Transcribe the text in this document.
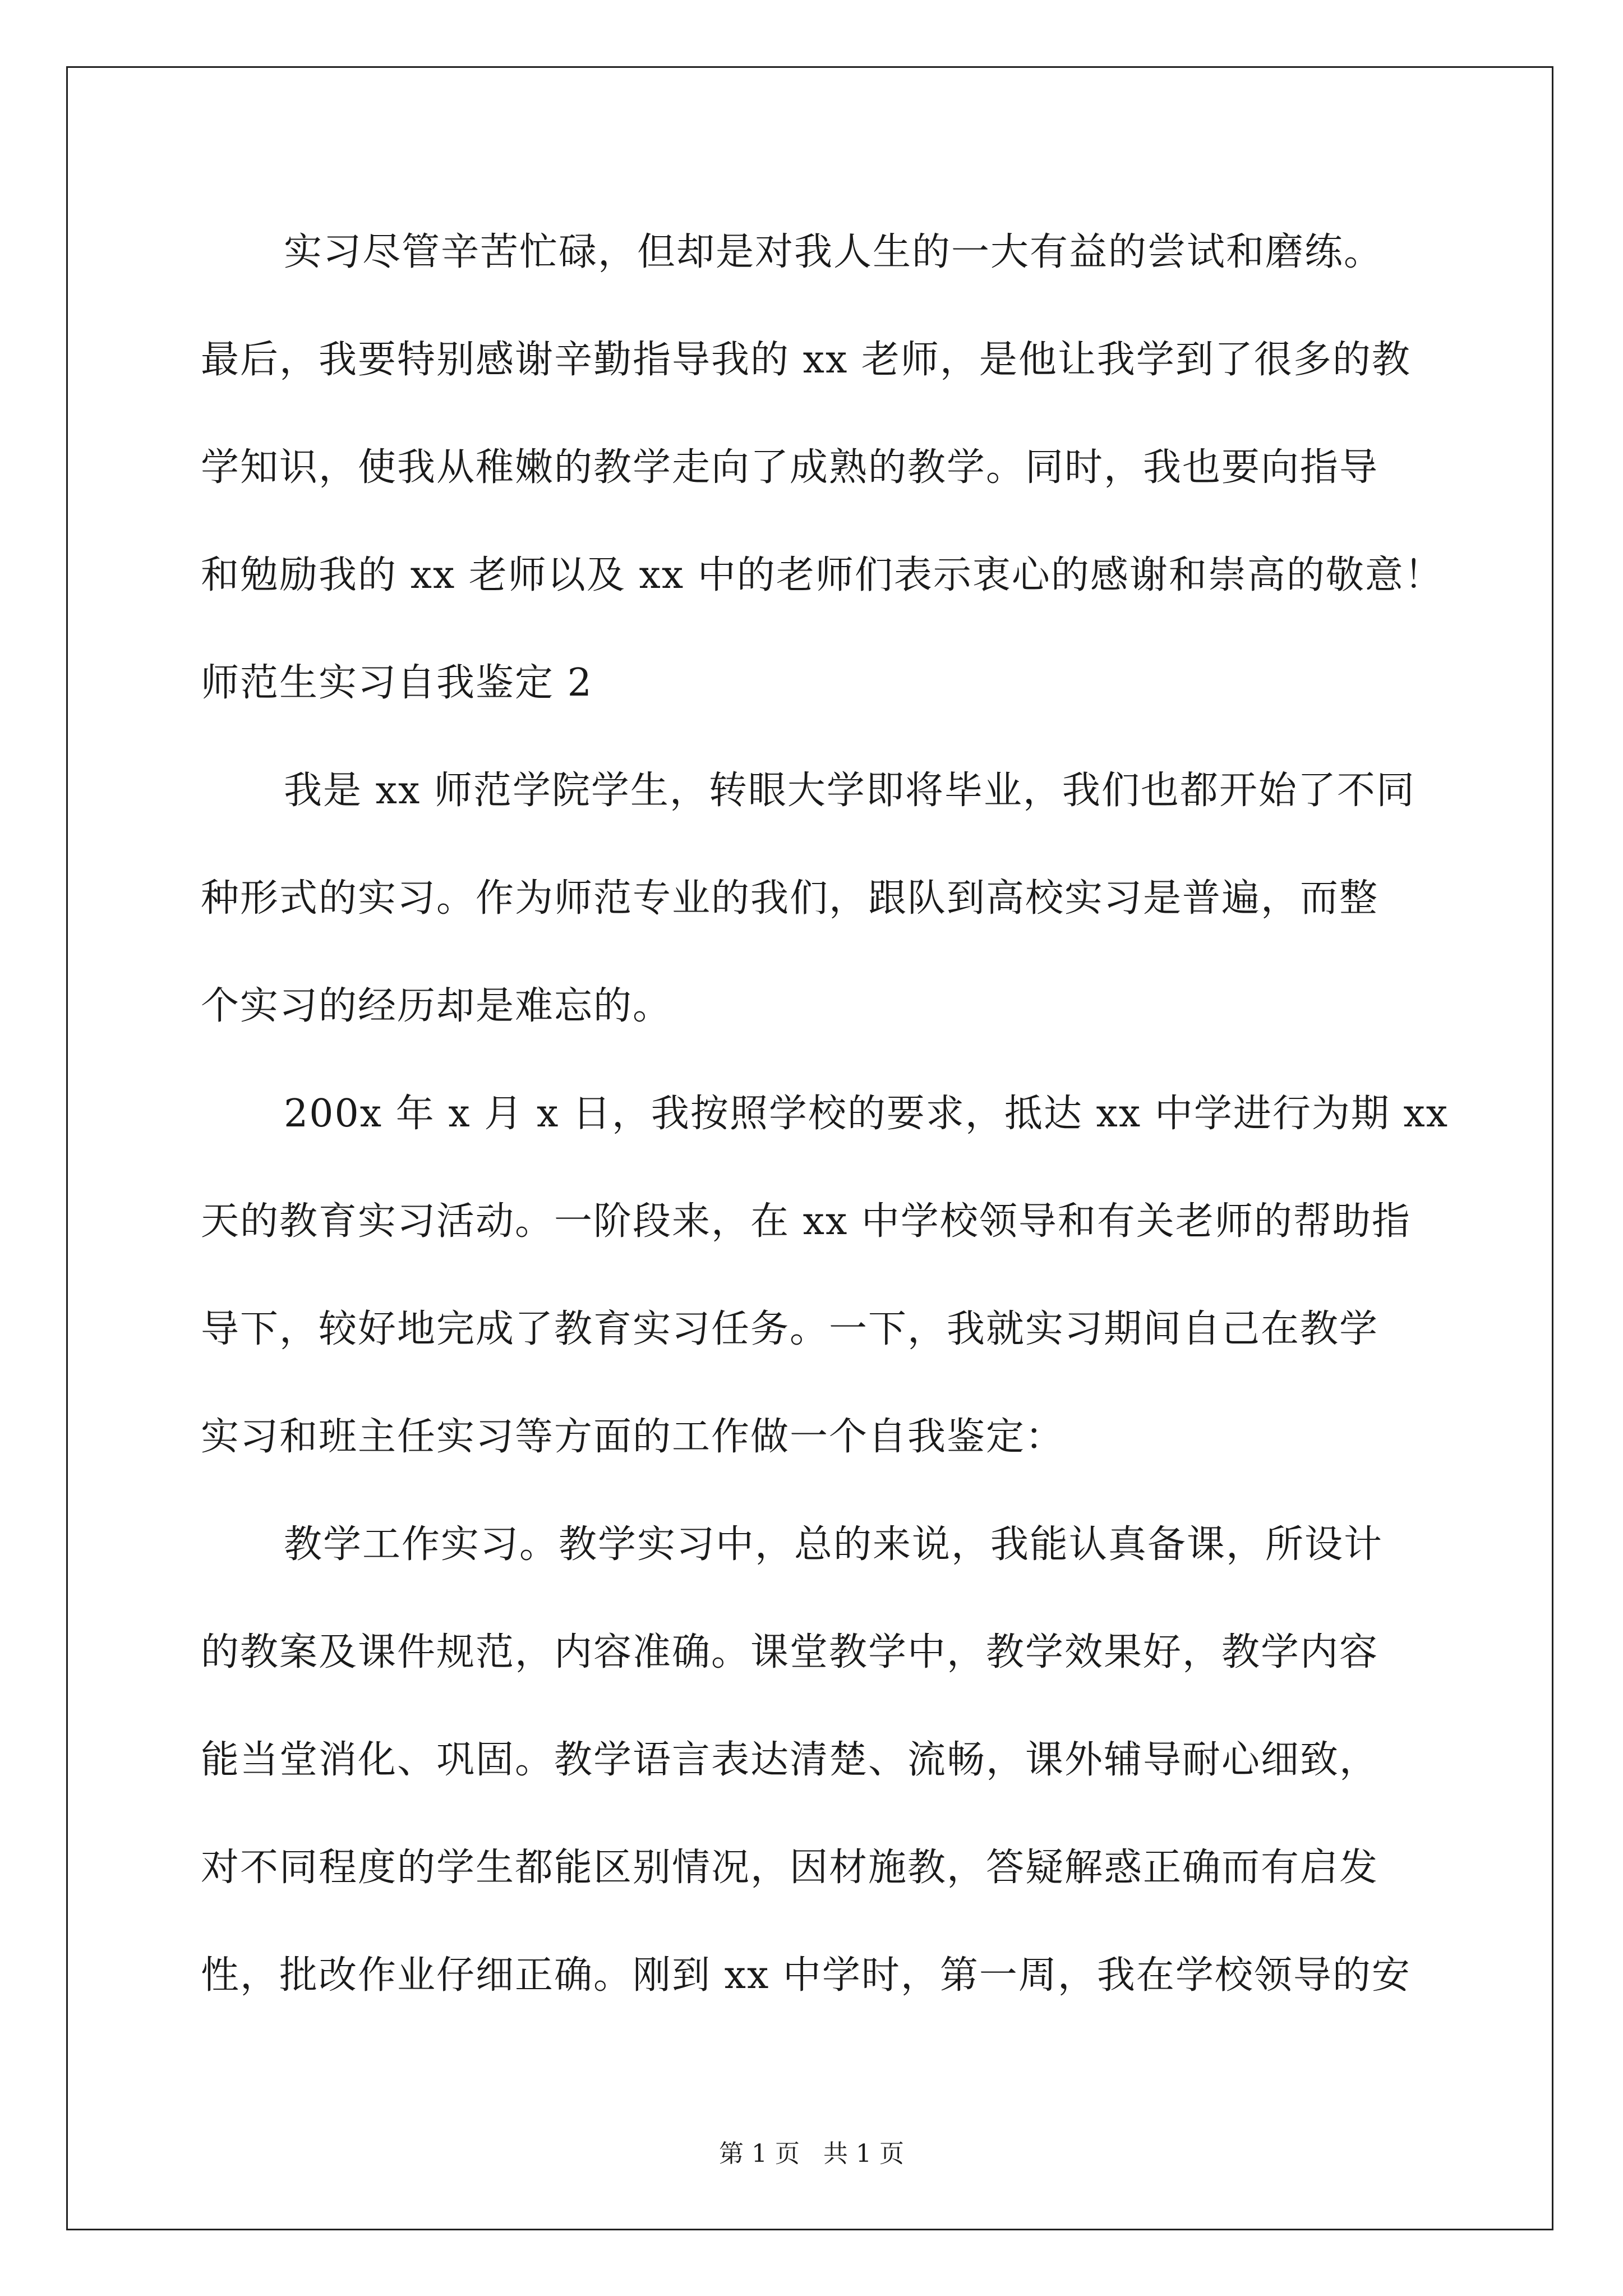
实习尽管辛苦忙碌，但却是对我人生的一大有益的尝试和磨练。
最后，我要特别感谢辛勤指导我的 xx 老师，是他让我学到了很多的教
学知识，使我从稚嫩的教学走向了成熟的教学。同时，我也要向指导
和勉励我的 xx 老师以及 xx 中的老师们表示衷心的感谢和崇高的敬意！
师范生实习自我鉴定 2
我是 xx 师范学院学生，转眼大学即将毕业，我们也都开始了不同
种形式的实习。作为师范专业的我们，跟队到高校实习是普遍，而整
个实习的经历却是难忘的。
200x 年 x 月 x 日，我按照学校的要求，抵达 xx 中学进行为期 xx
天的教育实习活动。一阶段来，在 xx 中学校领导和有关老师的帮助指
导下，较好地完成了教育实习任务。一下，我就实习期间自己在教学
实习和班主任实习等方面的工作做一个自我鉴定：
教学工作实习。教学实习中，总的来说，我能认真备课，所设计
的教案及课件规范，内容准确。课堂教学中，教学效果好，教学内容
能当堂消化、巩固。教学语言表达清楚、流畅，课外辅导耐心细致，
对不同程度的学生都能区别情况，因材施教，答疑解惑正确而有启发
性，批改作业仔细正确。刚到 xx 中学时，第一周，我在学校领导的安
第 1 页 共 1 页
